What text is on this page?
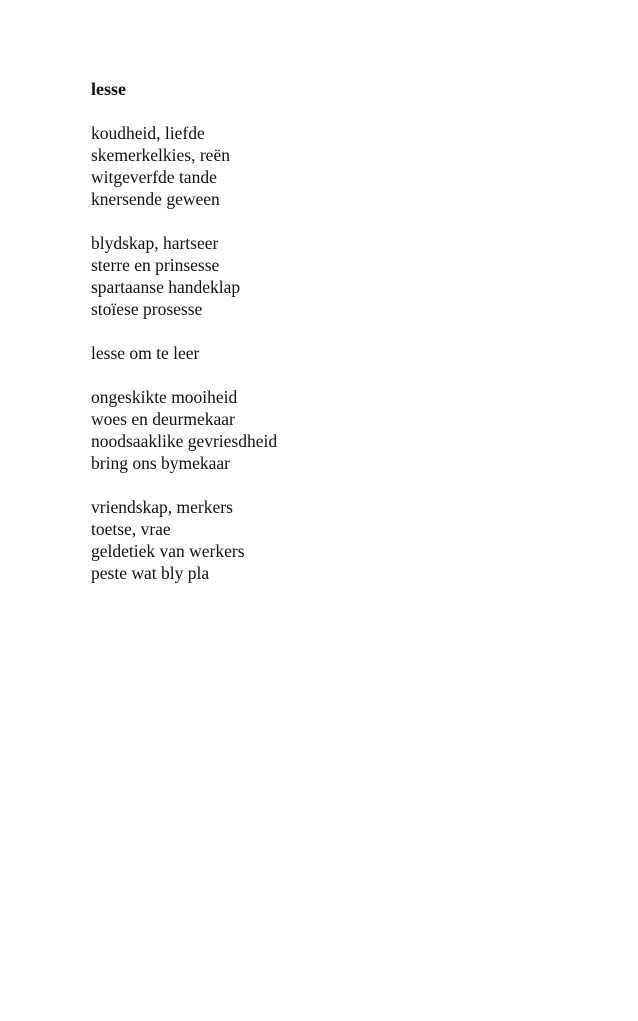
lesse
koudheid, liefde
skemerkelkies, reën
witgeverfde tande
knersende geween
blydskap, hartseer
sterre en prinsesse
spartaanse handeklap
stoïese prosesse
lesse om te leer
ongeskikte mooiheid
woes en deurmekaar
noodsaaklike gevriesdheid
bring ons bymekaar
vriendskap, merkers
toetse, vrae
geldetiek van werkers
peste wat bly pla
